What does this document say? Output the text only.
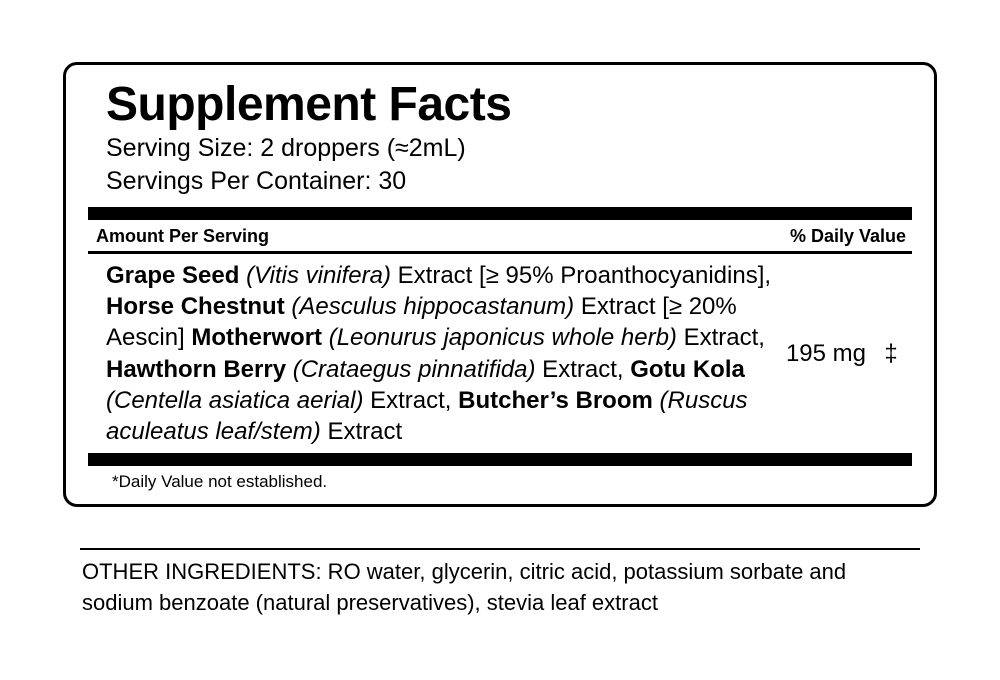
Supplement Facts
Serving Size: 2 droppers (≈2mL)
Servings Per Container: 30
Amount Per Serving	% Daily Value
Grape Seed (Vitis vinifera) Extract [≥ 95% Proanthocyanidins], Horse Chestnut (Aesculus hippocastanum) Extract [≥ 20% Aescin] Motherwort (Leonurus japonicus whole herb) Extract, Hawthorn Berry (Crataegus pinnatifida) Extract, Gotu Kola (Centella asiatica aerial) Extract, Butcher’s Broom (Ruscus aculeatus leaf/stem) Extract
195 mg ‡
*Daily Value not established.
OTHER INGREDIENTS: RO water, glycerin, citric acid, potassium sorbate and sodium benzoate (natural preservatives), stevia leaf extract
